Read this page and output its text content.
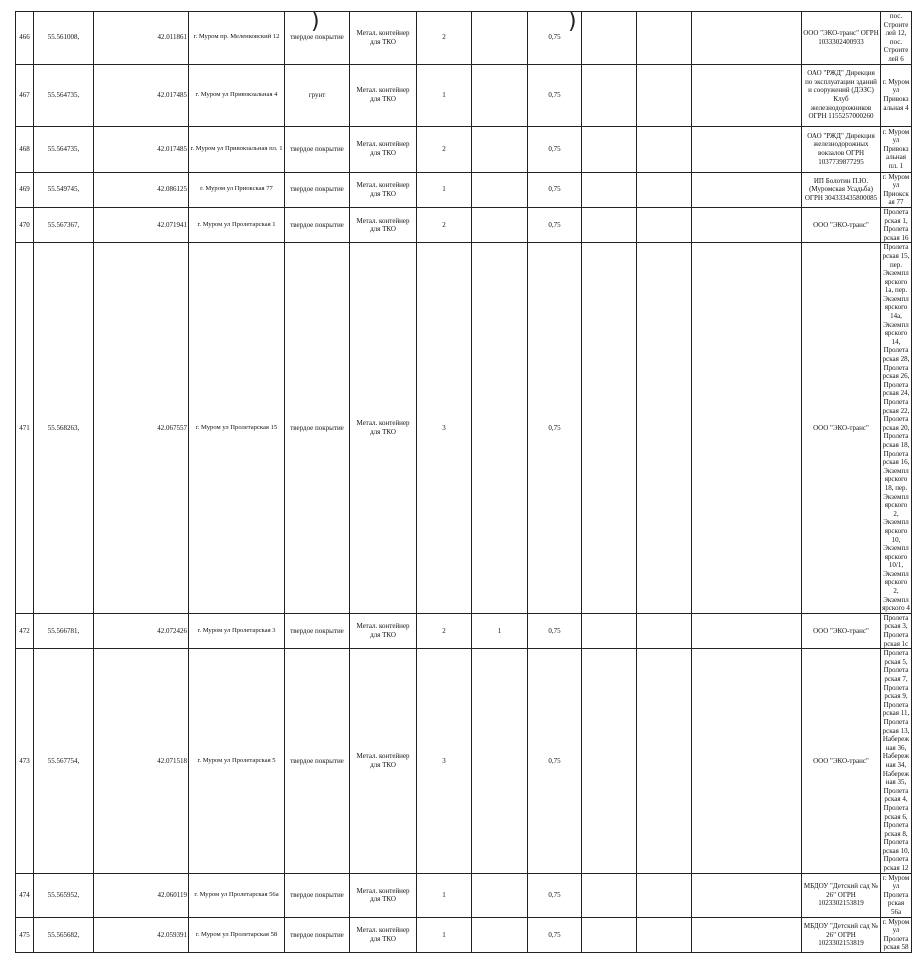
466	55.561008,	42.011861	г. Муром пр. Меленковский 12	твердое покрытие	Метал. контейнер для ТКО	2		0,75				ООО "ЭКО-транс" ОГРН 1033302400933	пос. Строителей 12, пос. Строителей 6
467	55.564735,	42.017485	г. Муром ул Привокзальная 4	грунт	Метал. контейнер для ТКО	1		0,75				ОАО "РЖД" Дирекция по эксплуатации зданий и сооружений (ДЭЗС) Клуб железнодорожников ОГРН 1155257000260	г. Муром ул Привокзальная 4
468	55.564735,	42.017485	г. Муром ул Привокзальная пл. 1	твердое покрытие	Метал. контейнер для ТКО	2		0,75				ОАО "РЖД" Дирекция железнодорожных вокзалов ОГРН 1037739877295	г. Муром ул Привокзальная пл. 1
469	55.549745,	42.086125	г. Муром ул Приокская 77	твердое покрытие	Метал. контейнер для ТКО	1		0,75				ИП Болотин П.Ю. (Муромская Усадьба) ОГРН 304333435800085	г. Муром ул Приокская 77
470	55.567367,	42.071941	г. Муром ул Пролетарская 1	твердое покрытие	Метал. контейнер для ТКО	2		0,75				ООО "ЭКО-транс"	Пролетарская 1, Пролетарская 16
471	55.568263,	42.067557	г. Муром ул Пролетарская 15	твердое покрытие	Метал. контейнер для ТКО	3		0,75				ООО "ЭКО-транс"	Пролетарская 15, пер. Экземплярского 1а, пер. Экземплярского 14а, Экземплярского 14, Пролетарская 28, Пролетарская 26, Пролетарская 24, Пролетарская 22, Пролетарская 20, Пролетарская 18, Пролетарская 16, Экземплярского 18, пер. Экземплярского 2, Экземплярского 10, Экземплярского 10/1, Экземплярского 2, Экземплярского 4
472	55.566781,	42.072426	г. Муром ул Пролетарская 3	твердое покрытие	Метал. контейнер для ТКО	2	1	0,75				ООО "ЭКО-транс"	Пролетарская 3, Пролетарская 1с
473	55.567754,	42.071518	г. Муром ул Пролетарская 5	твердое покрытие	Метал. контейнер для ТКО	3		0,75				ООО "ЭКО-транс"	Пролетарская 5, Пролетарская 7, Пролетарская 9, Пролетарская 11, Пролетарская 13, Набережная 36, Набережная 34, Набережная 35, Пролетарская 4, Пролетарская 6, Пролетарская 8, Пролетарская 10, Пролетарская 12
474	55.565952,	42.060119	г. Муром ул Пролетарская 56а	твердое покрытие	Метал. контейнер для ТКО	1		0,75				МБДОУ "Детский сад № 26" ОГРН 1023302153819	г. Муром ул Пролетарская 56а
475	55.565682,	42.059391	г. Муром ул Пролетарская 58	твердое покрытие	Метал. контейнер для ТКО	1		0,75				МБДОУ "Детский сад № 26" ОГРН 1023302153819	г. Муром ул Пролетарская 58
)	)
